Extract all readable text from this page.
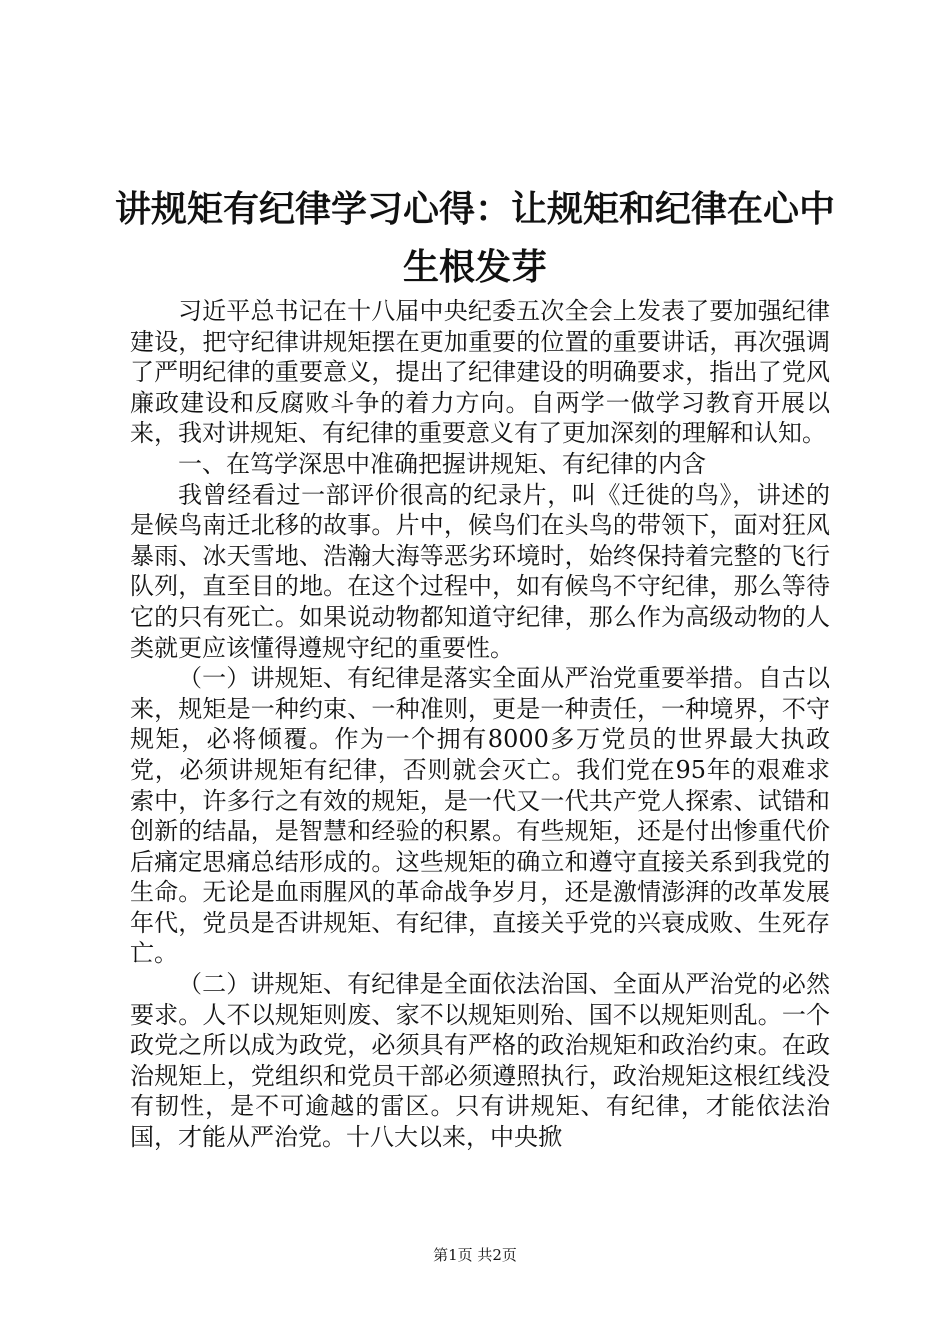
讲规矩有纪律学习心得：让规矩和纪律在心中生根发芽

习近平总书记在十八届中央纪委五次全会上发表了要加强纪律建设，把守纪律讲规矩摆在更加重要的位置的重要讲话，再次强调了严明纪律的重要意义，提出了纪律建设的明确要求，指出了党风廉政建设和反腐败斗争的着力方向。自两学一做学习教育开展以来，我对讲规矩、有纪律的重要意义有了更加深刻的理解和认知。

一、在笃学深思中准确把握讲规矩、有纪律的内含

我曾经看过一部评价很高的纪录片，叫《迁徙的鸟》，讲述的是候鸟南迁北移的故事。片中，候鸟们在头鸟的带领下，面对狂风暴雨、冰天雪地、浩瀚大海等恶劣环境时，始终保持着完整的飞行队列，直至目的地。在这个过程中，如有候鸟不守纪律，那么等待它的只有死亡。如果说动物都知道守纪律，那么作为高级动物的人类就更应该懂得遵规守纪的重要性。

（一）讲规矩、有纪律是落实全面从严治党重要举措。自古以来，规矩是一种约束、一种准则，更是一种责任，一种境界，不守规矩，必将倾覆。作为一个拥有8000多万党员的世界最大执政党，必须讲规矩有纪律，否则就会灭亡。我们党在95年的艰难求索中，许多行之有效的规矩，是一代又一代共产党人探索、试错和创新的结晶，是智慧和经验的积累。有些规矩，还是付出惨重代价后痛定思痛总结形成的。这些规矩的确立和遵守直接关系到我党的生命。无论是血雨腥风的革命战争岁月，还是激情澎湃的改革发展年代，党员是否讲规矩、有纪律，直接关乎党的兴衰成败、生死存亡。

（二）讲规矩、有纪律是全面依法治国、全面从严治党的必然要求。人不以规矩则废、家不以规矩则殆、国不以规矩则乱。一个政党之所以成为政党，必须具有严格的政治规矩和政治约束。在政治规矩上，党组织和党员干部必须遵照执行，政治规矩这根红线没有韧性，是不可逾越的雷区。只有讲规矩、有纪律，才能依法治国，才能从严治党。十八大以来，中央掀

第1页 共2页
